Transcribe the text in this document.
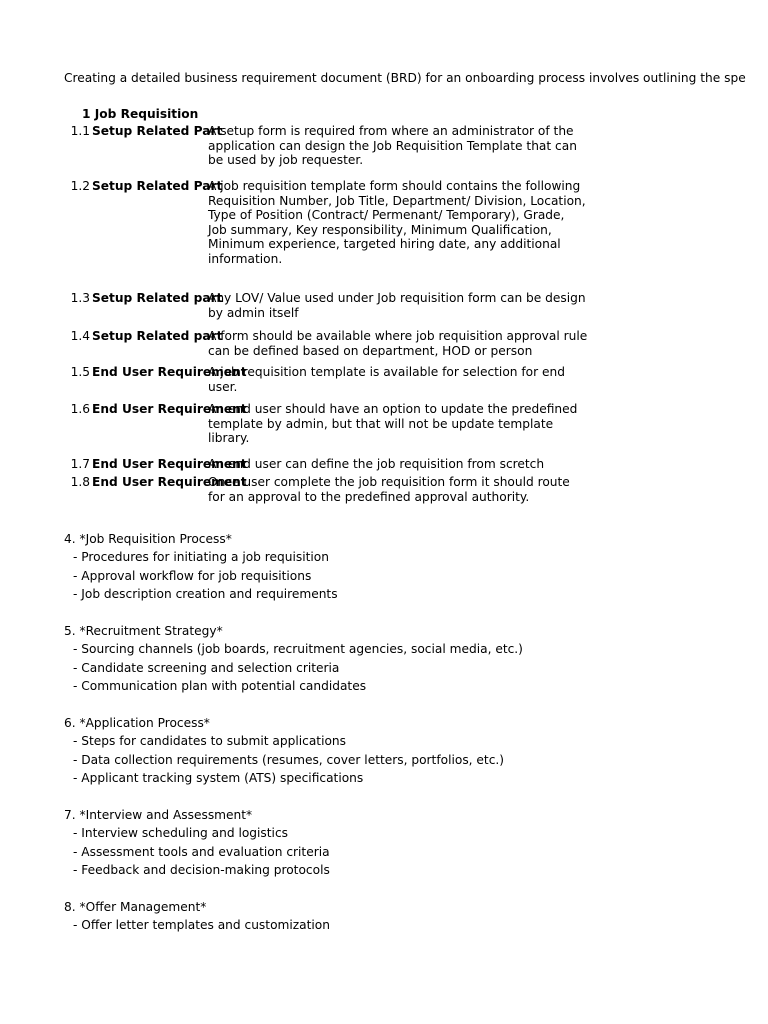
Creating a detailed business requirement document (BRD) for an onboarding process involves outlining the spe
1 Job Requisition
1.1 Setup Related Part
A setup form is required from where an administrator of the
application can design the Job Requisition Template that can
be used by job requester.
1.2 Setup Related Part
A job requisition template form should contains the following
Requisition Number, Job Title, Department/ Division, Location,
Type of Position (Contract/ Permenant/ Temporary), Grade,
Job summary, Key responsibility, Minimum Qualification,
Minimum experience, targeted hiring date, any additional
information.
1.3 Setup Related part
Any LOV/ Value used under Job requisition form can be design
by admin itself
1.4 Setup Related part
A form should be available where job requisition approval rule
can be defined based on department, HOD or person
1.5 End User Requirement
A job requisition template is available for selection for end
user.
1.6 End User Requirement
An end user should have an option to update the predefined
template by admin, but that will not be update template
library.
1.7 End User Requirement
An end user can define the job requisition from scretch
1.8 End User Requirement
Once user complete the job requisition form it should route
for an approval to the predefined approval authority.
4. *Job Requisition Process*
- Procedures for initiating a job requisition
- Approval workflow for job requisitions
- Job description creation and requirements
5. *Recruitment Strategy*
- Sourcing channels (job boards, recruitment agencies, social media, etc.)
- Candidate screening and selection criteria
- Communication plan with potential candidates
6. *Application Process*
- Steps for candidates to submit applications
- Data collection requirements (resumes, cover letters, portfolios, etc.)
- Applicant tracking system (ATS) specifications
7. *Interview and Assessment*
- Interview scheduling and logistics
- Assessment tools and evaluation criteria
- Feedback and decision-making protocols
8. *Offer Management*
- Offer letter templates and customization
